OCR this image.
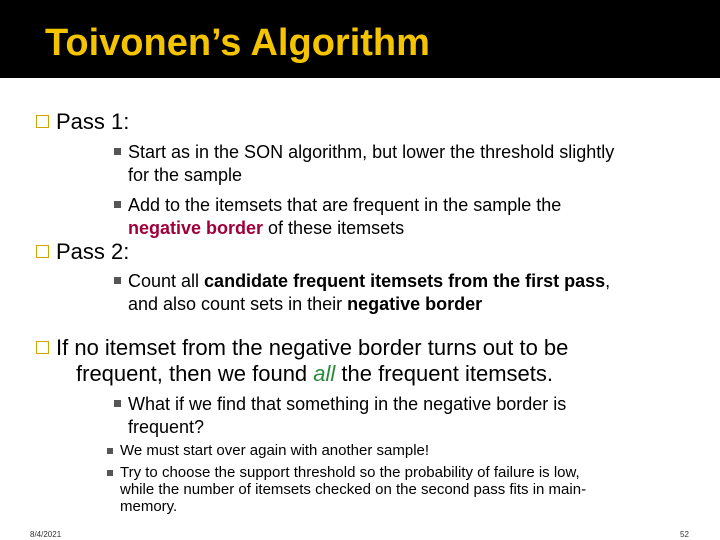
Toivonen’s Algorithm
Pass 1:
Start as in the SON algorithm, but lower the threshold slightly
for the sample
Add to the itemsets that are frequent in the sample the
negative border of these itemsets
Pass 2:
Count all candidate frequent itemsets from the first pass,
and also count sets in their negative border
If no itemset from the negative border turns out to be
frequent, then we found all the frequent itemsets.
What if we find that something in the negative border is
frequent?
We must start over again with another sample!
Try to choose the support threshold so the probability of failure is low,
while the number of itemsets checked on the second pass fits in main-
memory.
8/4/2021	52
